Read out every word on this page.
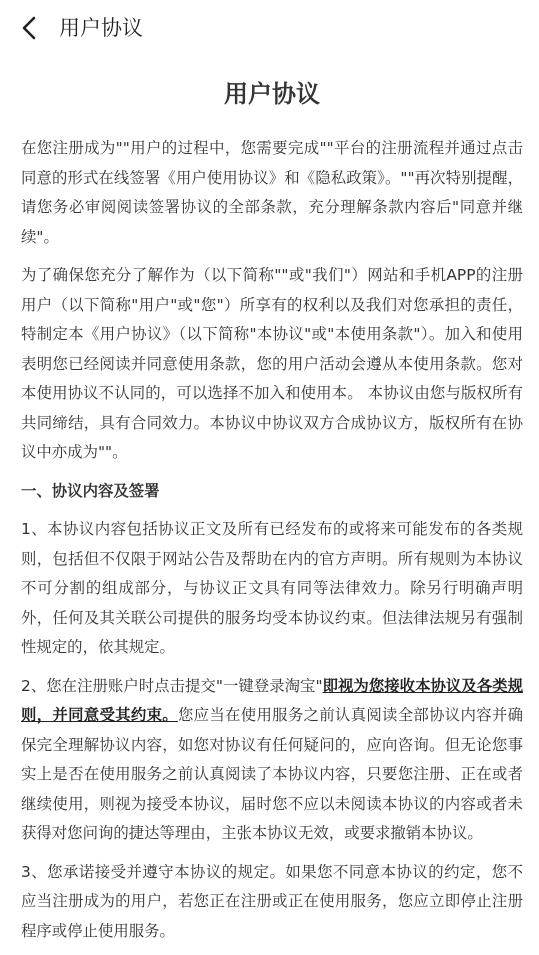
用户协议
用户协议

在您注册成为""用户的过程中，您需要完成""平台的注册流程并通过点击同意的形式在线签署《用户使用协议》和《隐私政策》。""再次特别提醒，请您务必审阅阅读签署协议的全部条款，充分理解条款内容后"同意并继续"。

为了确保您充分了解作为（以下简称""或"我们"）网站和手机APP的注册用户（以下简称"用户"或"您"）所享有的权利以及我们对您承担的责任，特制定本《用户协议》（以下简称"本协议"或"本使用条款"）。加入和使用表明您已经阅读并同意使用条款，您的用户活动会遵从本使用条款。您对本使用协议不认同的，可以选择不加入和使用本。 本协议由您与版权所有共同缔结，具有合同效力。本协议中协议双方合成协议方，版权所有在协议中亦成为""。

一、协议内容及签署

1、本协议内容包括协议正文及所有已经发布的或将来可能发布的各类规则，包括但不仅限于网站公告及帮助在内的官方声明。所有规则为本协议不可分割的组成部分，与协议正文具有同等法律效力。除另行明确声明外，任何及其关联公司提供的服务均受本协议约束。但法律法规另有强制性规定的，依其规定。

2、您在注册账户时点击提交"一键登录淘宝"即视为您接收本协议及各类规则，并同意受其约束。您应当在使用服务之前认真阅读全部协议内容并确保完全理解协议内容，如您对协议有任何疑问的，应向咨询。但无论您事实上是否在使用服务之前认真阅读了本协议内容，只要您注册、正在或者继续使用，则视为接受本协议，届时您不应以未阅读本协议的内容或者未获得对您问询的捷达等理由，主张本协议无效，或要求撤销本协议。

3、您承诺接受并遵守本协议的规定。如果您不同意本协议的约定，您不应当注册成为的用户，若您正在注册或正在使用服务，您应立即停止注册程序或停止使用服务。
